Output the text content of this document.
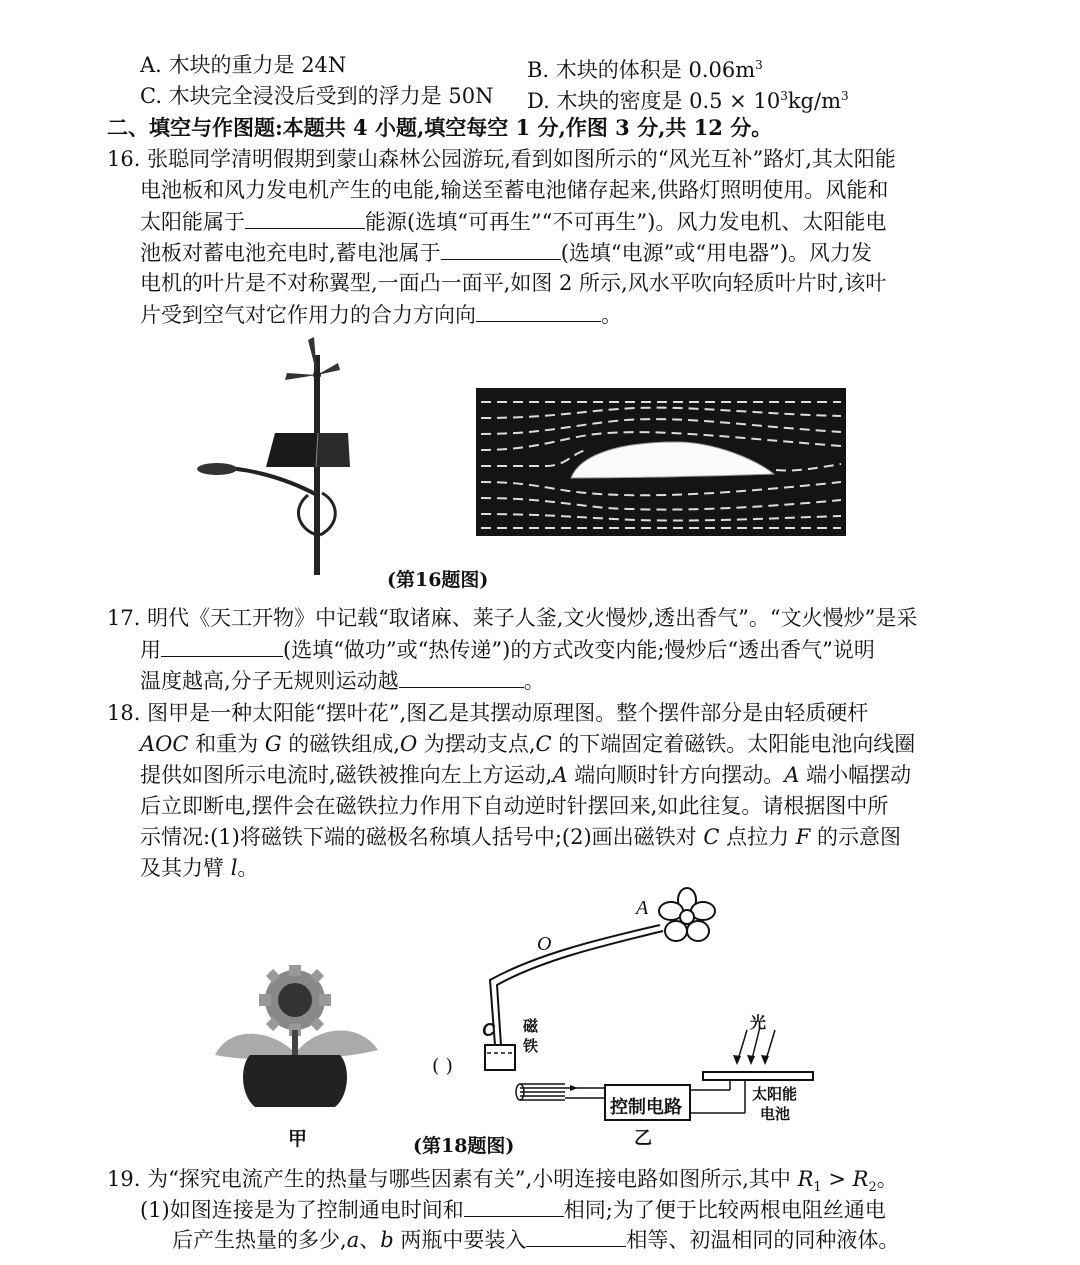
A. 木块的重力是 24N	B. 木块的体积是 $0.06m^3$
C. 木块完全浸没后受到的浮力是 50N D. 木块的密度是 $0.5 \times 10^3kg/m^3$
二、填空与作图题:本题共 4 小题,填空每空 1 分,作图 3 分,共 12 分。
16. 张聪同学清明假期到蒙山森林公园游玩,看到如图所示的“风光互补”路灯,其太阳能
电池板和风力发电机产生的电能,输送至蓄电池储存起来,供路灯照明使用。风能和
太阳能属于	能源(选填“可再生”“不可再生”)。风力发电机、太阳能电
池板对蓄电池充电时,蓄电池属于	(选填“电源”或“用电器”)。风力发
电机的叶片是不对称翼型,一面凸一面平,如图 2 所示,风水平吹向轻质叶片时,该叶
片受到空气对它作用力的合力方向向	。
(第16题图)
17. 明代《天工开物》中记载“取诸麻、莱子人釜,文火慢炒,透出香气”。“文火慢炒”是采
用	(选填“做功”或“热传递”)的方式改变内能;慢炒后“透出香气”说明
温度越高,分子无规则运动越	。
18. 图甲是一种太阳能“摆叶花”,图乙是其摆动原理图。整个摆件部分是由轻质硬杆
AOC 和重为 G 的磁铁组成,O 为摆动支点,C 的下端固定着磁铁。太阳能电池向线圈
提供如图所示电流时,磁铁被推向左上方运动,A 端向顺时针方向摆动。A 端小幅摆动
后立即断电,摆件会在磁铁拉力作用下自动逆时针摆回来,如此往复。请根据图中所
示情况:(1)将磁铁下端的磁极名称填人括号中;(2)画出磁铁对 C 点拉力 F 的示意图
及其力臂 l。
甲
A
O
C 磁
铁
( )
控制电路
光
太阳能
电池
乙
(第18题图)
19. 为“探究电流产生的热量与哪些因素有关”,小明连接电路如图所示,其中 $R_1 > R_2$。
(1)如图连接是为了控制通电时间和	相同;为了便于比较两根电阻丝通电
后产生热量的多少,a、b 两瓶中要装入	相等、初温相同的同种液体。
